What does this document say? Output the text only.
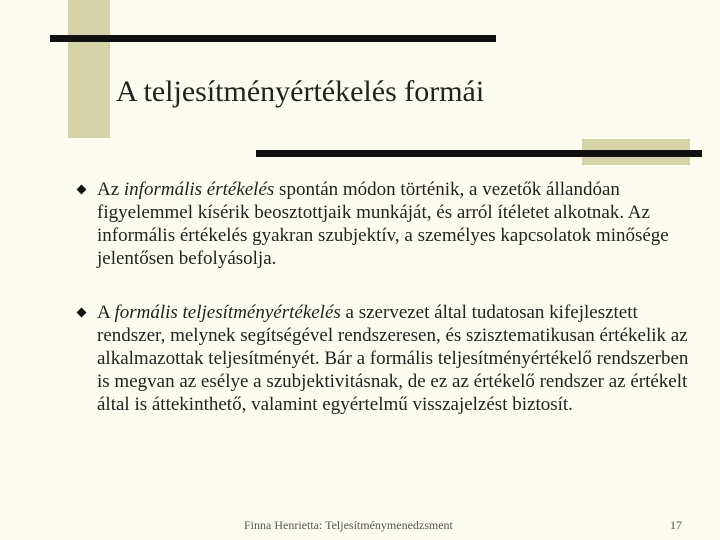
A teljesítményértékelés formái
Az informális értékelés spontán módon történik, a vezetők állandóan figyelemmel kísérik beosztottjaik munkáját, és arról ítéletet alkotnak. Az informális értékelés gyakran szubjektív, a személyes kapcsolatok minősége jelentősen befolyásolja.
A formális teljesítményértékelés a szervezet által tudatosan kifejlesztett rendszer, melynek segítségével rendszeresen, és szisztematikusan értékelik az alkalmazottak teljesítményét. Bár a formális teljesítményértékelő rendszerben is megvan az esélye a szubjektivitásnak, de ez az értékelő rendszer az értékelt által is áttekinthető, valamint egyértelmű visszajelzést biztosít.
Finna Henrietta: Teljesítménymenedzsment	17
